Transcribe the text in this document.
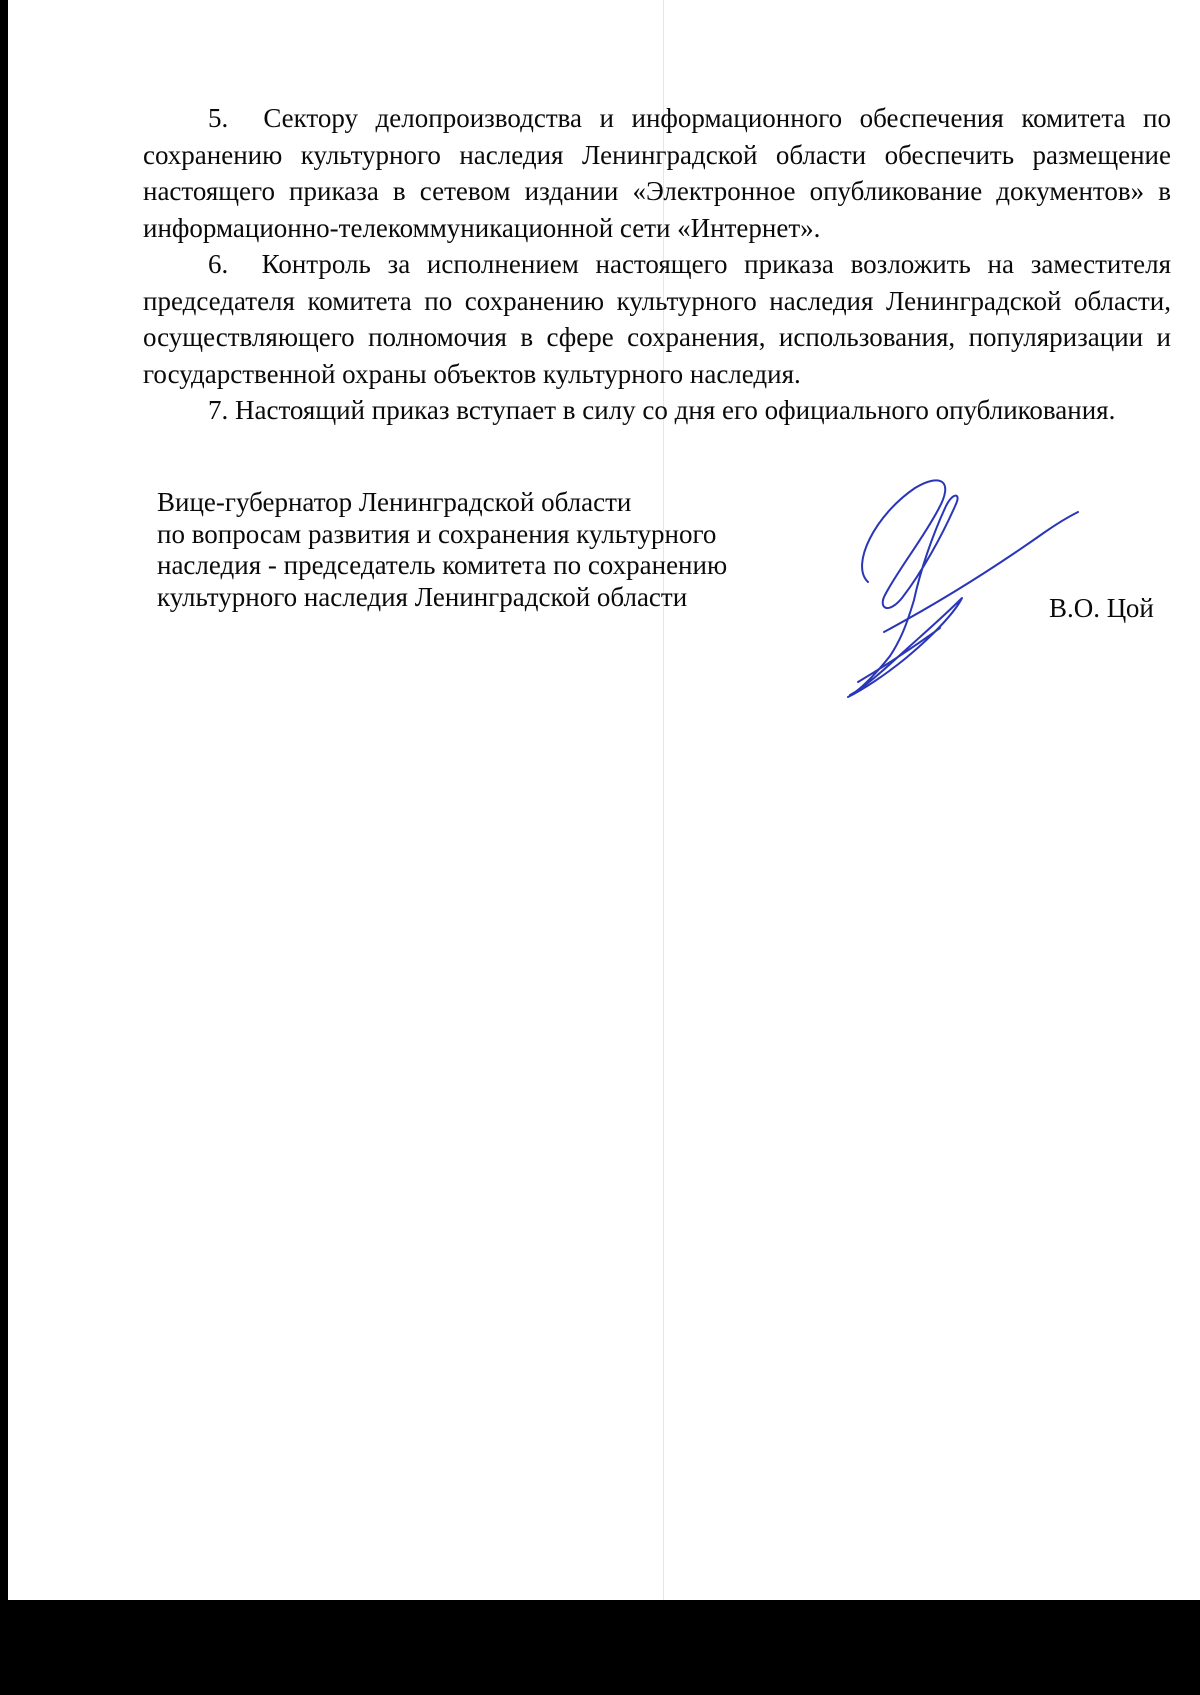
5.  Сектору делопроизводства и информационного обеспечения комитета по сохранению культурного наследия Ленинградской области обеспечить размещение настоящего приказа в сетевом издании «Электронное опубликование документов» в информационно-телекоммуникационной сети «Интернет».

6.  Контроль за исполнением настоящего приказа возложить на заместителя председателя комитета по сохранению культурного наследия Ленинградской области, осуществляющего полномочия в сфере сохранения, использования, популяризации и государственной охраны объектов культурного наследия.

7. Настоящий приказ вступает в силу со дня его официального опубликования.

Вице-губернатор Ленинградской области
по вопросам развития и сохранения культурного
наследия - председатель комитета по сохранению
культурного наследия Ленинградской области	В.О. Цой
